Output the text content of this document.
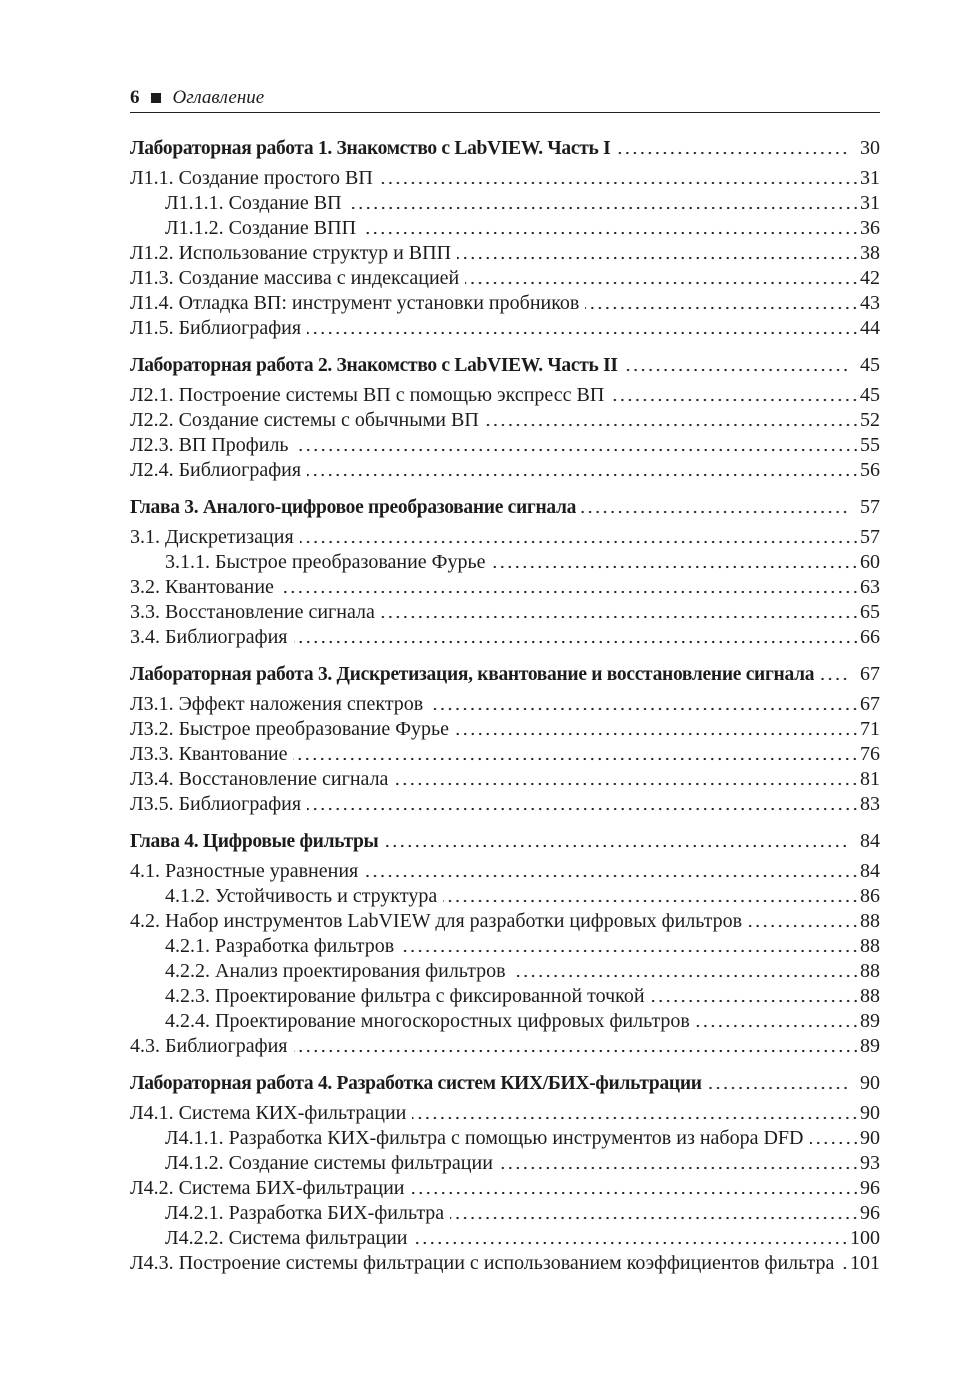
6 Оглавление
Лабораторная работа 1. Знакомство с LabVIEW. Часть I	30
Л1.1. Создание простого ВП	31
Л1.1.1. Создание ВП	31
Л1.1.2. Создание ВПП	36
Л1.2. Использование структур и ВПП	38
Л1.3. Создание массива с индексацией	42
Л1.4. Отладка ВП: инструмент установки пробников	43
Л1.5. Библиография	44
Лабораторная работа 2. Знакомство с LabVIEW. Часть II	45
Л2.1. Построение системы ВП с помощью экспресс ВП	45
Л2.2. Создание системы с обычными ВП	52
Л2.3. ВП Профиль	55
Л2.4. Библиография	56
Глава 3. Аналого-цифровое преобразование сигнала	57
3.1. Дискретизация	57
3.1.1. Быстрое преобразование Фурье	60
3.2. Квантование	63
3.3. Восстановление сигнала	65
3.4. Библиография	66
Лабораторная работа 3. Дискретизация, квантование и восстановление сигнала 67
Л3.1. Эффект наложения спектров	67
Л3.2. Быстрое преобразование Фурье	71
Л3.3. Квантование	76
Л3.4. Восстановление сигнала	81
Л3.5. Библиография	83
Глава 4. Цифровые фильтры	84
4.1. Разностные уравнения	84
4.1.2. Устойчивость и структура	86
4.2. Набор инструментов LabVIEW для разработки цифровых фильтров	88
4.2.1. Разработка фильтров	88
4.2.2. Анализ проектирования фильтров	88
4.2.3. Проектирование фильтра с фиксированной точкой	88
4.2.4. Проектирование многоскоростных цифровых фильтров	89
4.3. Библиография	89
Лабораторная работа 4. Разработка систем КИХ/БИХ-фильтрации	90
Л4.1. Система КИХ-фильтрации	90
Л4.1.1. Разработка КИХ-фильтра с помощью инструментов из набора DFD	90
Л4.1.2. Создание системы фильтрации	93
Л4.2. Система БИХ-фильтрации	96
Л4.2.1. Разработка БИХ-фильтра	96
Л4.2.2. Система фильтрации	100
Л4.3. Построение системы фильтрации с использованием коэффициентов фильтра 101
